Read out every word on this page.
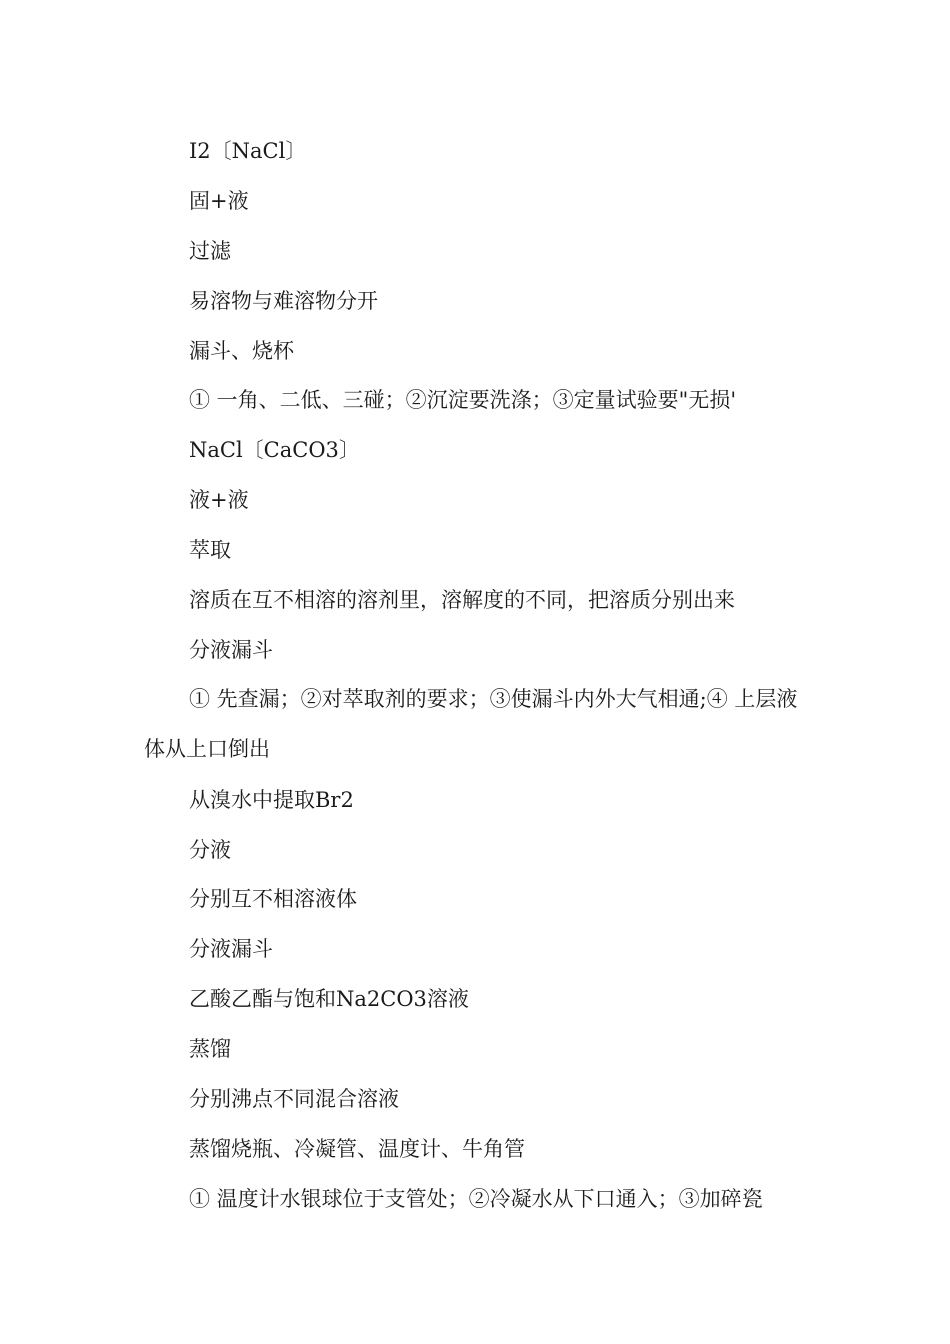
I2〔NaCl〕
固+液
过滤
易溶物与难溶物分开
漏斗、烧杯
① 一角、二低、三碰；②沉淀要洗涤；③定量试验要"无损'
NaCl〔CaCO3〕
液+液
萃取
溶质在互不相溶的溶剂里，溶解度的不同，把溶质分别出来
分液漏斗
① 先查漏；②对萃取剂的要求；③使漏斗内外大气相通;④ 上层液体从上口倒出
从溴水中提取Br2
分液
分别互不相溶液体
分液漏斗
乙酸乙酯与饱和Na2CO3溶液
蒸馏
分别沸点不同混合溶液
蒸馏烧瓶、冷凝管、温度计、牛角管
① 温度计水银球位于支管处；②冷凝水从下口通入；③加碎瓷
